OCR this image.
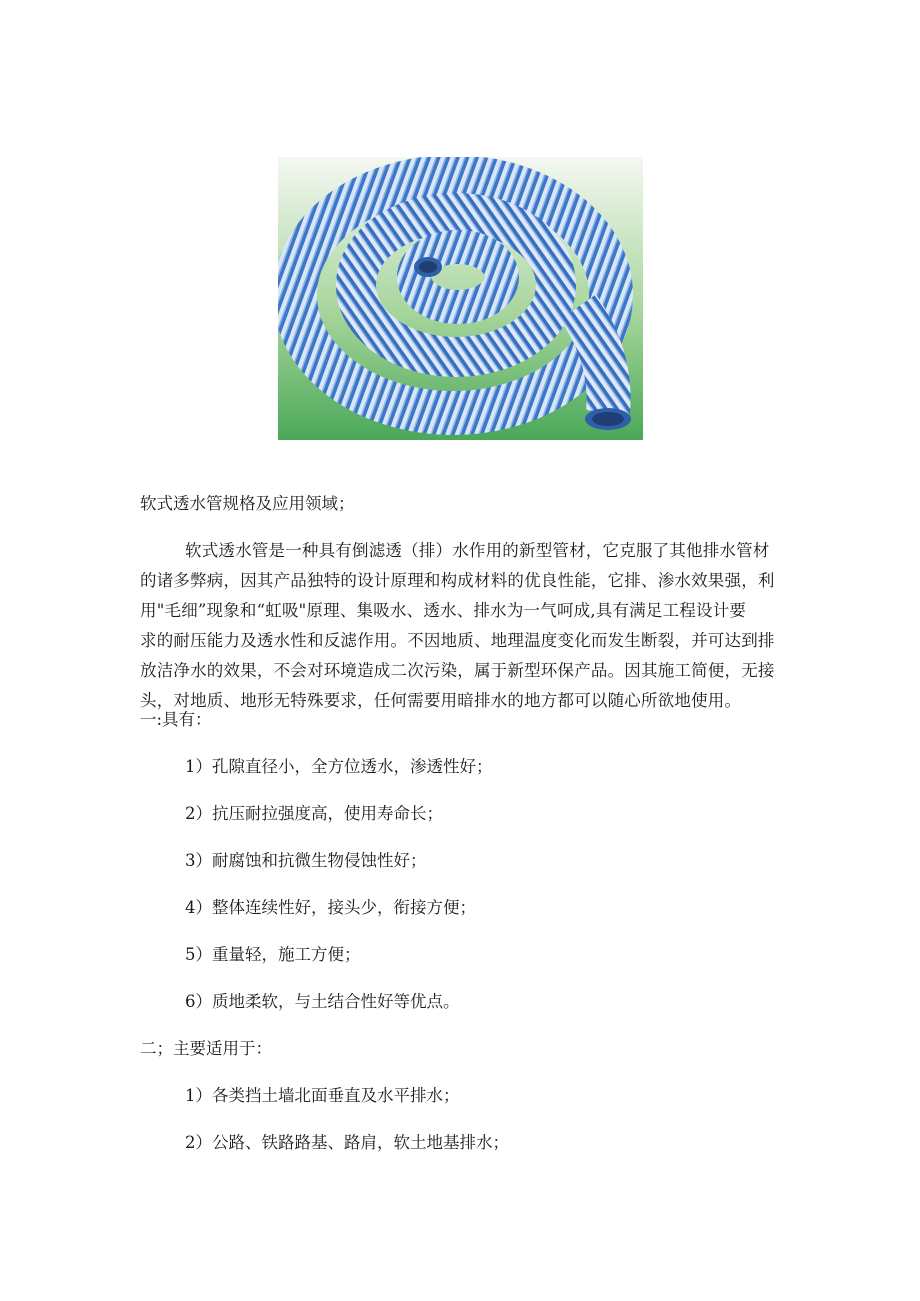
软式透水管规格及应用领域；
软式透水管是一种具有倒滤透（排）水作用的新型管材，它克服了其他排水管材
的诸多弊病，因其产品独特的设计原理和构成材料的优良性能，它排、渗水效果强，利
用"毛细”现象和“虹吸"原理、集吸水、透水、排水为一气呵成,具有满足工程设计要
求的耐压能力及透水性和反滤作用。不因地质、地理温度变化而发生断裂，并可达到排
放洁净水的效果，不会对环境造成二次污染，属于新型环保产品。因其施工简便，无接
头，对地质、地形无特殊要求，任何需要用暗排水的地方都可以随心所欲地使用。
一:具有：
1）孔隙直径小，全方位透水，渗透性好；
2）抗压耐拉强度高，使用寿命长；
3）耐腐蚀和抗微生物侵蚀性好；
4）整体连续性好，接头少，衔接方便；
5）重量轻，施工方便；
6）质地柔软，与土结合性好等优点。
二；主要适用于：
1）各类挡土墙北面垂直及水平排水；
2）公路、铁路路基、路肩，软土地基排水；
